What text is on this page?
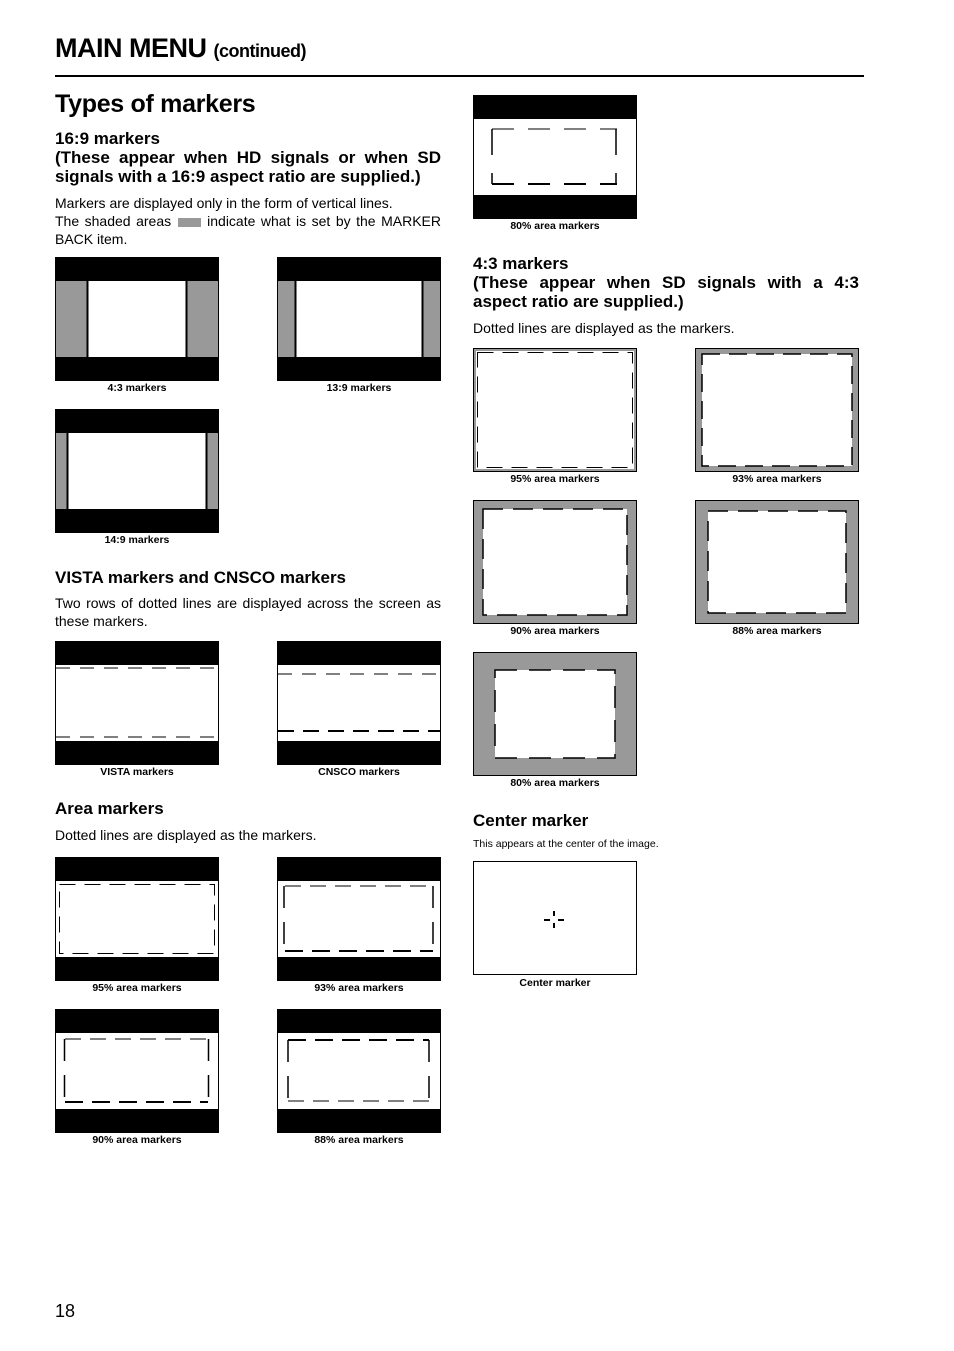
MAIN MENU (continued)
Types of markers

16:9 markers

(These appear when HD signals or when SD signals with a 16:9 aspect ratio are supplied.)

Markers are displayed only in the form of vertical lines.

The shaded areas	indicate what is set by the MARKER BACK item.

4:3 markers	13:9 markers
14:9 markers

VISTA markers and CNSCO markers

Two rows of dotted lines are displayed across the screen as these markers.

VISTA markers	CNSCO markers

Area markers

Dotted lines are displayed as the markers.

95% area markers	93% area markers
90% area markers	88% area markers
80% area markers

4:3 markers

(These appear when SD signals with a 4:3 aspect ratio are supplied.)

Dotted lines are displayed as the markers.

95% area markers	93% area markers
90% area markers	88% area markers
80% area markers

Center marker

This appears at the center of the image.

Center marker
18
